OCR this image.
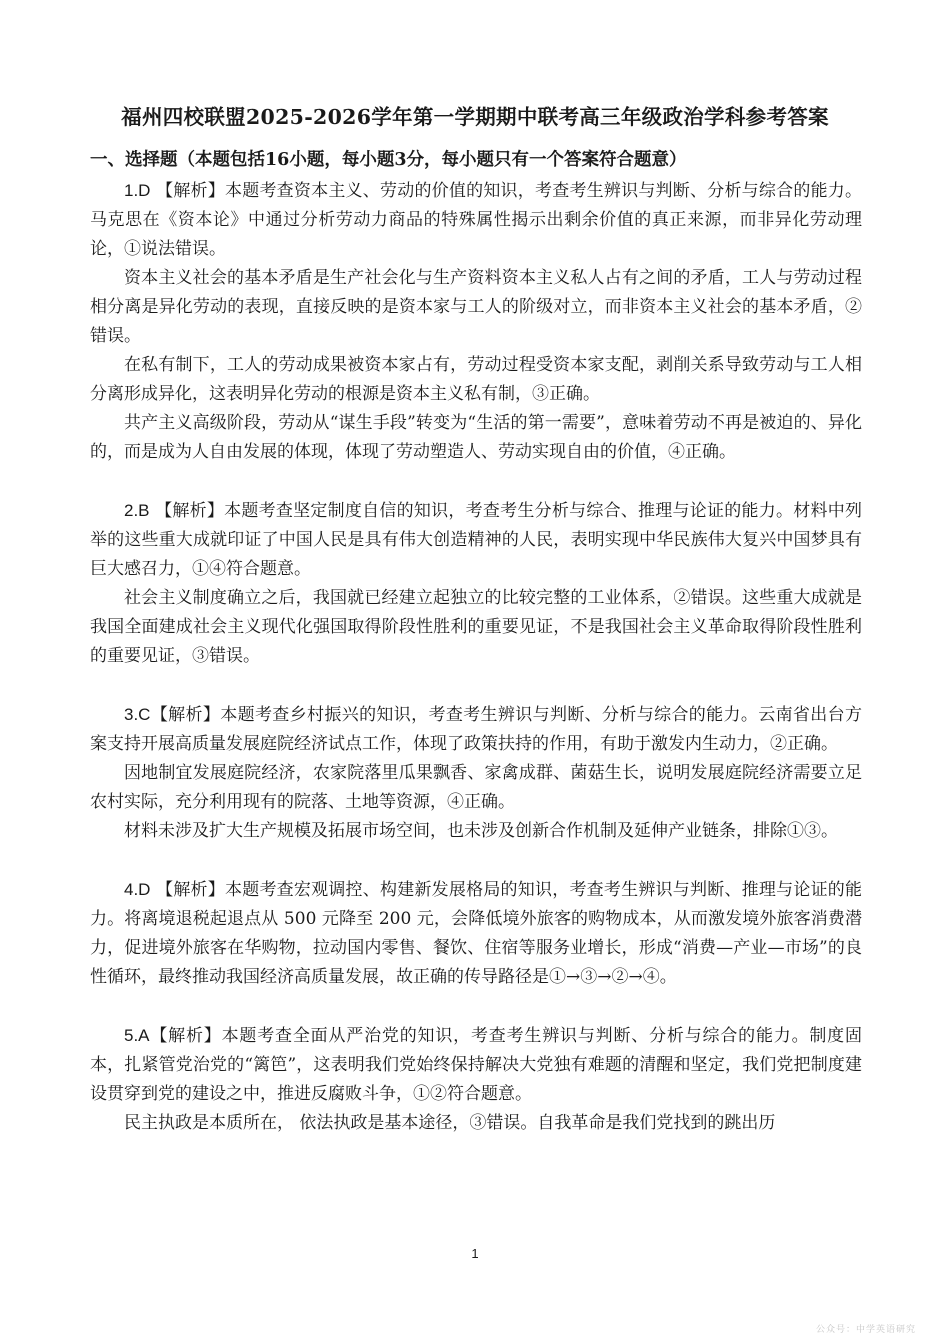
福州四校联盟2025-2026学年第一学期期中联考高三年级政治学科参考答案
一、选择题（本题包括16小题，每小题3分，每小题只有一个答案符合题意）

1.D 【解析】本题考查资本主义、劳动的价值的知识，考查考生辨识与判断、分析与综合的能力。马克思在《资本论》中通过分析劳动力商品的特殊属性揭示出剩余价值的真正来源，而非异化劳动理论，①说法错误。

资本主义社会的基本矛盾是生产社会化与生产资料资本主义私人占有之间的矛盾，工人与劳动过程相分离是异化劳动的表现，直接反映的是资本家与工人的阶级对立，而非资本主义社会的基本矛盾，②错误。

在私有制下，工人的劳动成果被资本家占有，劳动过程受资本家支配，剥削关系导致劳动与工人相分离形成异化，这表明异化劳动的根源是资本主义私有制，③正确。

共产主义高级阶段，劳动从“谋生手段”转变为“生活的第一需要”，意味着劳动不再是被迫的、异化的，而是成为人自由发展的体现，体现了劳动塑造人、劳动实现自由的价值，④正确。

2.B 【解析】本题考查坚定制度自信的知识，考查考生分析与综合、推理与论证的能力。材料中列举的这些重大成就印证了中国人民是具有伟大创造精神的人民，表明实现中华民族伟大复兴中国梦具有巨大感召力，①④符合题意。

社会主义制度确立之后，我国就已经建立起独立的比较完整的工业体系，②错误。这些重大成就是我国全面建成社会主义现代化强国取得阶段性胜利的重要见证，不是我国社会主义革命取得阶段性胜利的重要见证，③错误。

3.C【解析】本题考查乡村振兴的知识，考查考生辨识与判断、分析与综合的能力。云南省出台方案支持开展高质量发展庭院经济试点工作，体现了政策扶持的作用，有助于激发内生动力，②正确。

因地制宜发展庭院经济，农家院落里瓜果飘香、家禽成群、菌菇生长，说明发展庭院经济需要立足农村实际，充分利用现有的院落、土地等资源，④正确。

材料未涉及扩大生产规模及拓展市场空间，也未涉及创新合作机制及延伸产业链条，排除①③。

4.D 【解析】本题考查宏观调控、构建新发展格局的知识，考查考生辨识与判断、推理与论证的能力。将离境退税起退点从 500 元降至 200 元，会降低境外旅客的购物成本，从而激发境外旅客消费潜力，促进境外旅客在华购物，拉动国内零售、餐饮、住宿等服务业增长，形成“消费—产业—市场”的良性循环，最终推动我国经济高质量发展，故正确的传导路径是①→③→②→④。

5.A【解析】本题考查全面从严治党的知识，考查考生辨识与判断、分析与综合的能力。制度固本，扎紧管党治党的“篱笆”，这表明我们党始终保持解决大党独有难题的清醒和坚定，我们党把制度建设贯穿到党的建设之中，推进反腐败斗争，①②符合题意。

民主执政是本质所在， 依法执政是基本途径，③错误。自我革命是我们党找到的跳出历

1
公众号：中学英语研究
